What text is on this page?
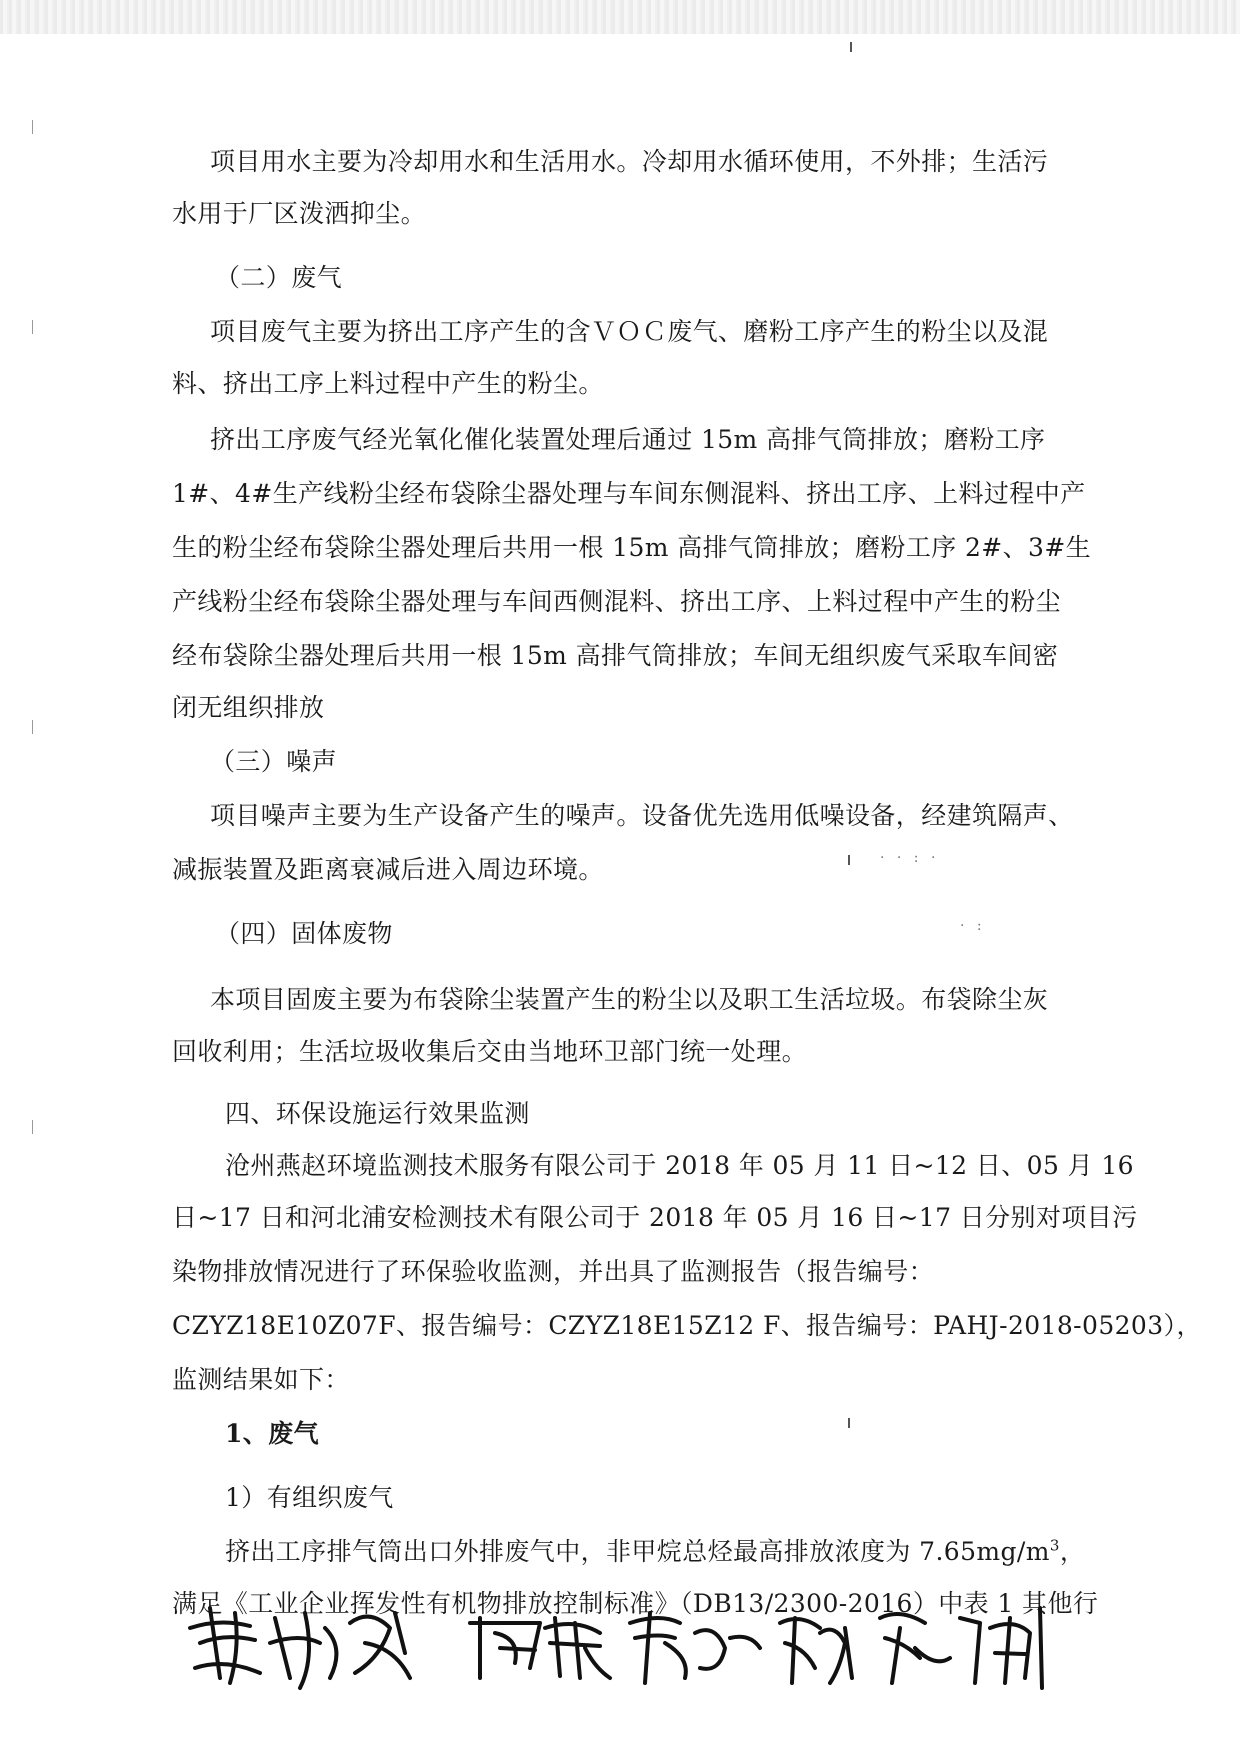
项目用水主要为冷却用水和生活用水。冷却用水循环使用，不外排；生活污
水用于厂区泼洒抑尘。
（二）废气
项目废气主要为挤出工序产生的含ＶＯＣ废气、磨粉工序产生的粉尘以及混
料、挤出工序上料过程中产生的粉尘。
挤出工序废气经光氧化催化装置处理后通过 15m 高排气筒排放；磨粉工序
1#、4#生产线粉尘经布袋除尘器处理与车间东侧混料、挤出工序、上料过程中产
生的粉尘经布袋除尘器处理后共用一根 15m 高排气筒排放；磨粉工序 2#、3#生
产线粉尘经布袋除尘器处理与车间西侧混料、挤出工序、上料过程中产生的粉尘
经布袋除尘器处理后共用一根 15m 高排气筒排放；车间无组织废气采取车间密
闭无组织排放
（三）噪声
项目噪声主要为生产设备产生的噪声。设备优先选用低噪设备，经建筑隔声、
减振装置及距离衰减后进入周边环境。
（四）固体废物
本项目固废主要为布袋除尘装置产生的粉尘以及职工生活垃圾。布袋除尘灰
回收利用；生活垃圾收集后交由当地环卫部门统一处理。
四、环保设施运行效果监测
沧州燕赵环境监测技术服务有限公司于 2018 年 05 月 11 日~12 日、05 月 16
日~17 日和河北浦安检测技术有限公司于 2018 年 05 月 16 日~17 日分别对项目污
染物排放情况进行了环保验收监测，并出具了监测报告（报告编号：
CZYZ18E10Z07F、报告编号：CZYZ18E15Z12 F、报告编号：PAHJ-2018-05203），
监测结果如下：
1、废气
1）有组织废气
挤出工序排气筒出口外排废气中，非甲烷总烃最高排放浓度为 $7.65mg/m^3$，
满足《工业企业挥发性有机物排放控制标准》（DB13/2300-2016）中表 1 其他行
· · : ·
· :
